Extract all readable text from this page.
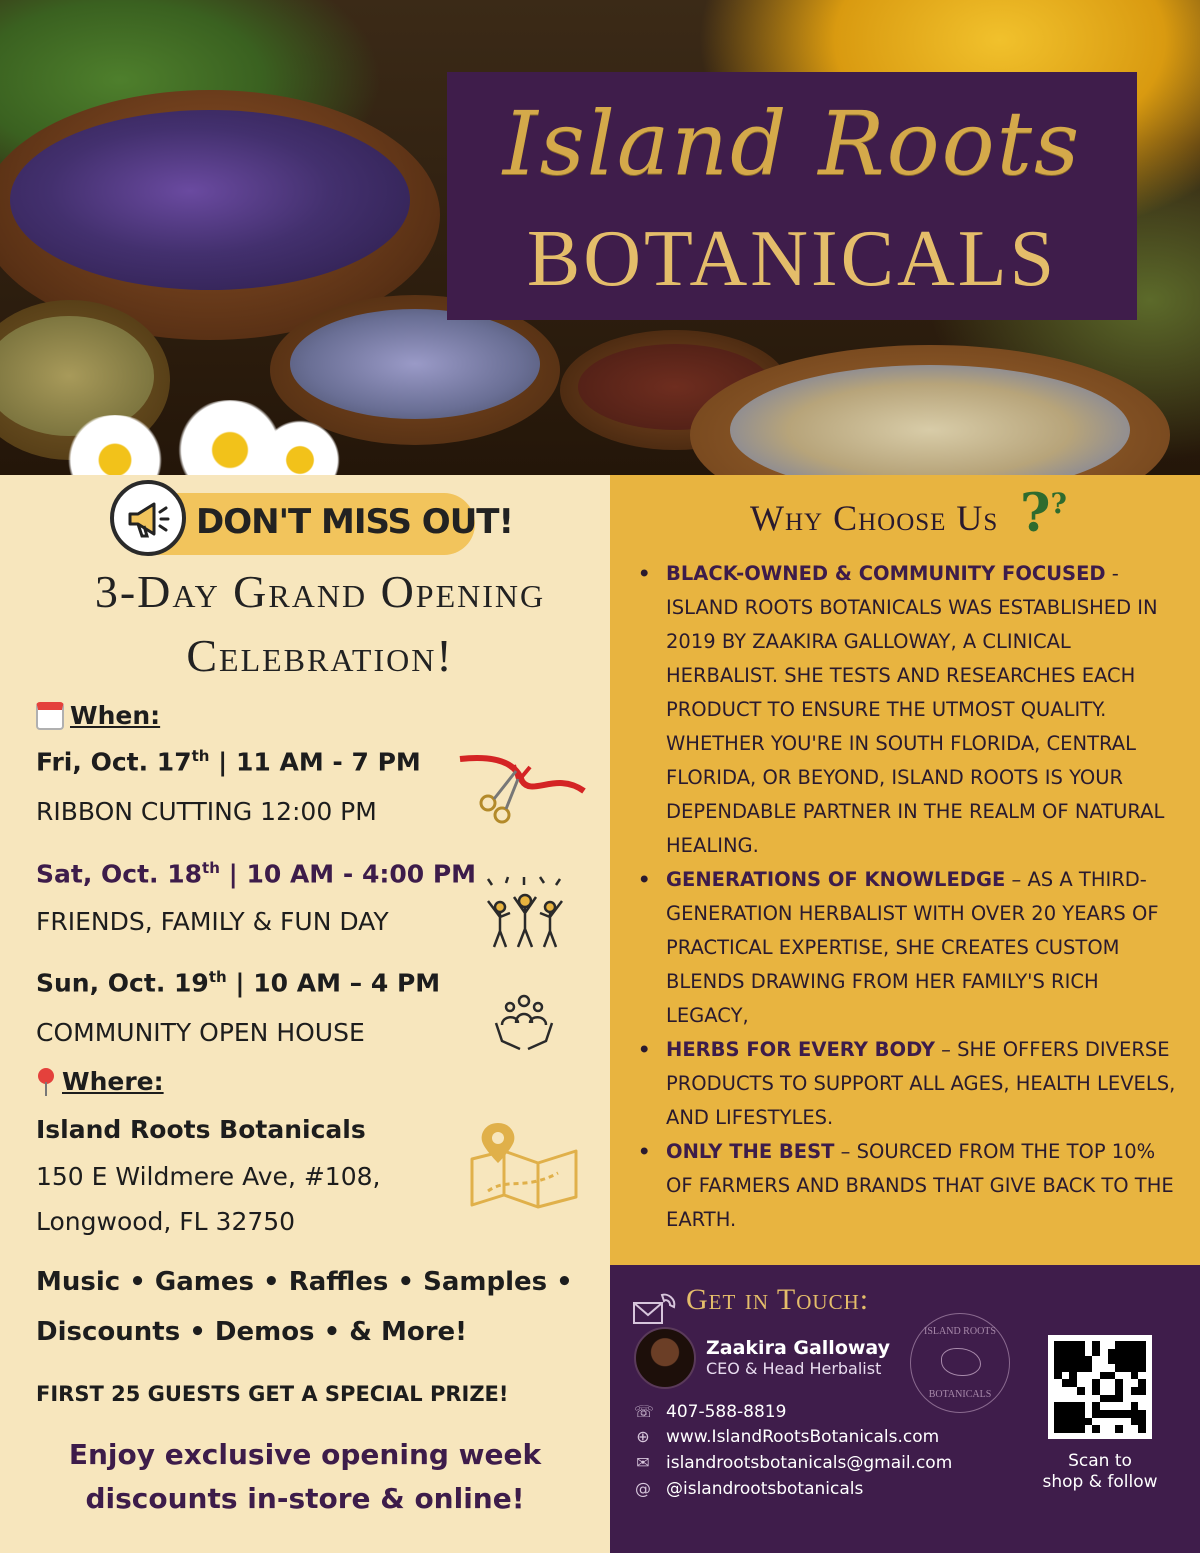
Island Roots
BOTANICALS
DON'T MISS OUT!
3-Day Grand Opening
Celebration!
When:
Fri, Oct. 17th | 11 AM - 7 PM
RIBBON CUTTING 12:00 PM
Sat, Oct. 18th | 10 AM - 4:00 PM
FRIENDS, FAMILY & FUN DAY
Sun, Oct. 19th | 10 AM – 4 PM
COMMUNITY OPEN HOUSE
Where:
Island Roots Botanicals
150 E Wildmere Ave, #108,
Longwood, FL 32750
Music • Games • Raffles • Samples •
Discounts • Demos • & More!
FIRST 25 GUESTS GET A SPECIAL PRIZE!
Enjoy exclusive opening week
discounts in-store & online!
Why Choose Us ??
• BLACK-OWNED & COMMUNITY FOCUSED - ISLAND ROOTS BOTANICALS WAS ESTABLISHED IN 2019 BY ZAAKIRA GALLOWAY, A CLINICAL HERBALIST. SHE TESTS AND RESEARCHES EACH PRODUCT TO ENSURE THE UTMOST QUALITY. WHETHER YOU'RE IN SOUTH FLORIDA, CENTRAL FLORIDA, OR BEYOND, ISLAND ROOTS IS YOUR DEPENDABLE PARTNER IN THE REALM OF NATURAL HEALING.
• GENERATIONS OF KNOWLEDGE – AS A THIRD-GENERATION HERBALIST WITH OVER 20 YEARS OF PRACTICAL EXPERTISE, SHE CREATES CUSTOM BLENDS DRAWING FROM HER FAMILY'S RICH LEGACY,
• HERBS FOR EVERY BODY – SHE OFFERS DIVERSE PRODUCTS TO SUPPORT ALL AGES, HEALTH LEVELS, AND LIFESTYLES.
• ONLY THE BEST – SOURCED FROM THE TOP 10% OF FARMERS AND BRANDS THAT GIVE BACK TO THE EARTH.
Get in Touch:
Zaakira Galloway
CEO & Head Herbalist
ISLAND ROOTS
BOTANICALS
☏ 407-588-8819
⊕ www.IslandRootsBotanicals.com
✉ islandrootsbotanicals@gmail.com
@ @islandrootsbotanicals
Scan to
shop & follow
